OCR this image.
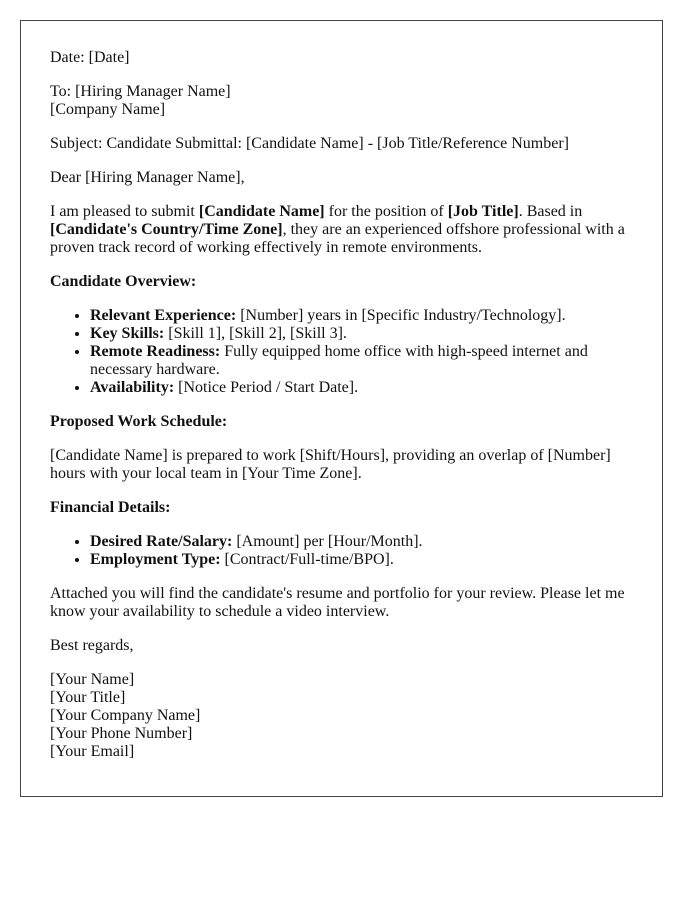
Date: [Date]

To: [Hiring Manager Name]
[Company Name]

Subject: Candidate Submittal: [Candidate Name] - [Job Title/Reference Number]

Dear [Hiring Manager Name],

I am pleased to submit [Candidate Name] for the position of [Job Title]. Based in [Candidate's Country/Time Zone], they are an experienced offshore professional with a proven track record of working effectively in remote environments.

Candidate Overview:

• Relevant Experience: [Number] years in [Specific Industry/Technology].
• Key Skills: [Skill 1], [Skill 2], [Skill 3].
• Remote Readiness: Fully equipped home office with high-speed internet and necessary hardware.
• Availability: [Notice Period / Start Date].

Proposed Work Schedule:

[Candidate Name] is prepared to work [Shift/Hours], providing an overlap of [Number] hours with your local team in [Your Time Zone].

Financial Details:

• Desired Rate/Salary: [Amount] per [Hour/Month].
• Employment Type: [Contract/Full-time/BPO].

Attached you will find the candidate's resume and portfolio for your review. Please let me know your availability to schedule a video interview.

Best regards,

[Your Name]
[Your Title]
[Your Company Name]
[Your Phone Number]
[Your Email]
